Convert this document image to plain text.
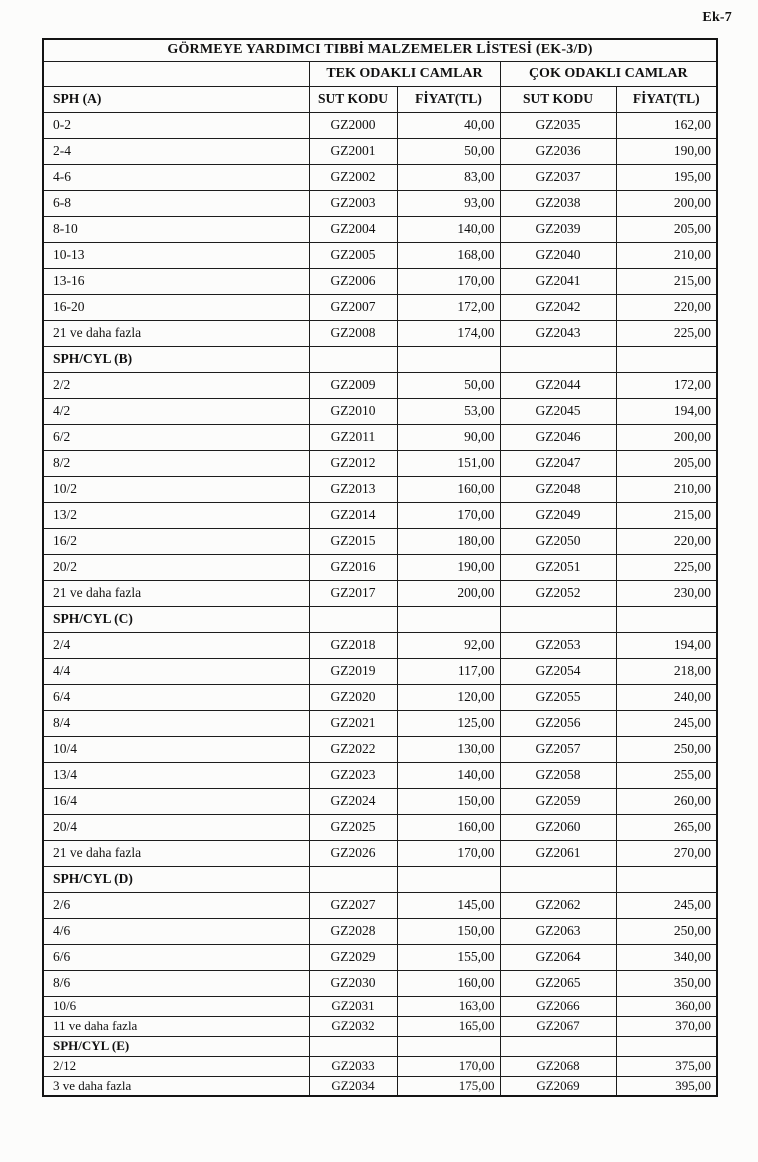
Ek-7
GÖRMEYE YARDIMCI TIBBİ MALZEMELER LİSTESİ (EK-3/D)				
	TEK ODAKLI CAMLAR		ÇOK ODAKLI CAMLAR	
SPH (A)	SUT KODU	FİYAT(TL)	SUT KODU	FİYAT(TL)
0-2	GZ2000	40,00	GZ2035	162,00
2-4	GZ2001	50,00	GZ2036	190,00
4-6	GZ2002	83,00	GZ2037	195,00
6-8	GZ2003	93,00	GZ2038	200,00
8-10	GZ2004	140,00	GZ2039	205,00
10-13	GZ2005	168,00	GZ2040	210,00
13-16	GZ2006	170,00	GZ2041	215,00
16-20	GZ2007	172,00	GZ2042	220,00
21 ve daha fazla	GZ2008	174,00	GZ2043	225,00
SPH/CYL (B)				
2/2	GZ2009	50,00	GZ2044	172,00
4/2	GZ2010	53,00	GZ2045	194,00
6/2	GZ2011	90,00	GZ2046	200,00
8/2	GZ2012	151,00	GZ2047	205,00
10/2	GZ2013	160,00	GZ2048	210,00
13/2	GZ2014	170,00	GZ2049	215,00
16/2	GZ2015	180,00	GZ2050	220,00
20/2	GZ2016	190,00	GZ2051	225,00
21 ve daha fazla	GZ2017	200,00	GZ2052	230,00
SPH/CYL (C)				
2/4	GZ2018	92,00	GZ2053	194,00
4/4	GZ2019	117,00	GZ2054	218,00
6/4	GZ2020	120,00	GZ2055	240,00
8/4	GZ2021	125,00	GZ2056	245,00
10/4	GZ2022	130,00	GZ2057	250,00
13/4	GZ2023	140,00	GZ2058	255,00
16/4	GZ2024	150,00	GZ2059	260,00
20/4	GZ2025	160,00	GZ2060	265,00
21 ve daha fazla	GZ2026	170,00	GZ2061	270,00
SPH/CYL (D)				
2/6	GZ2027	145,00	GZ2062	245,00
4/6	GZ2028	150,00	GZ2063	250,00
6/6	GZ2029	155,00	GZ2064	340,00
8/6	GZ2030	160,00	GZ2065	350,00
10/6	GZ2031	163,00	GZ2066	360,00
11 ve daha fazla	GZ2032	165,00	GZ2067	370,00
SPH/CYL (E)				
2/12	GZ2033	170,00	GZ2068	375,00
3 ve daha fazla	GZ2034	175,00	GZ2069	395,00
